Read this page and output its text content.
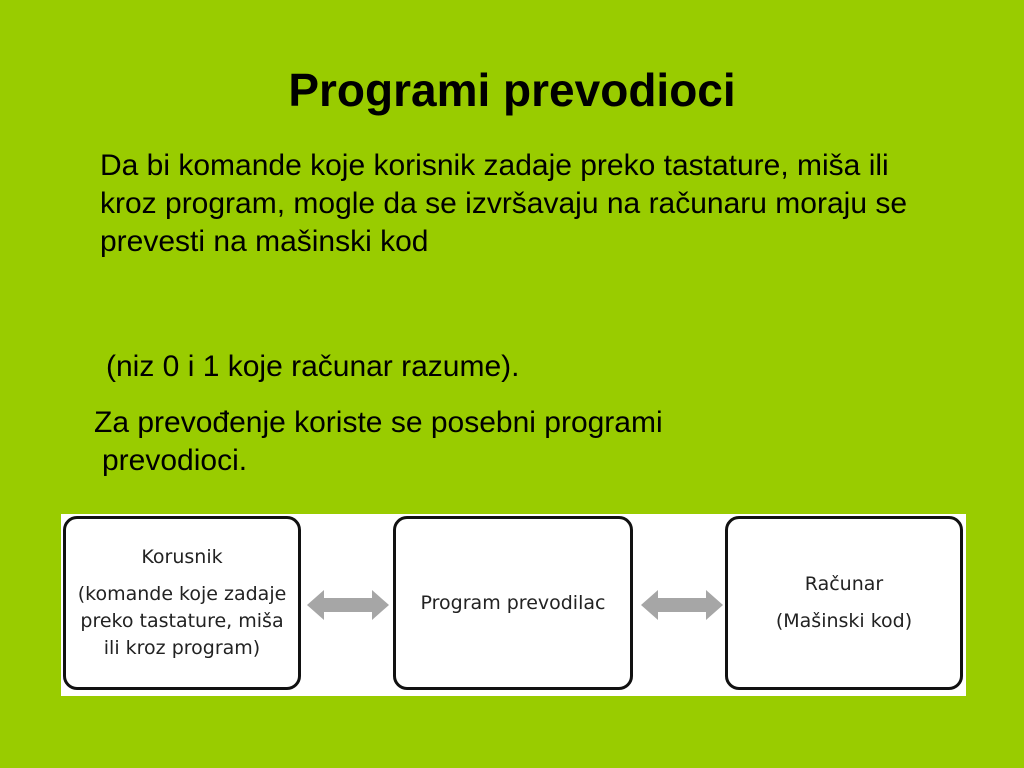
Programi prevodioci

Da bi komande koje korisnik zadaje preko tastature, miša ili kroz program, mogle da se izvršavaju na računaru moraju se prevesti na mašinski kod

(niz 0 i 1 koje računar razume).

Za prevođenje koriste se posebni programi
prevodioci.

Korusnik
(komande koje zadaje
preko tastature, miša
ili kroz program)
Program prevodilac
Računar
(Mašinski kod)
